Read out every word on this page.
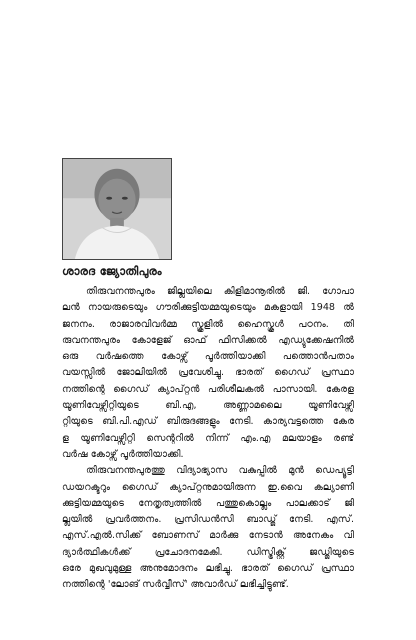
ശാരദ ജ്യോതിപുരം
തിരുവനന്തപുരം ജില്ലയിലെ കിളിമാനൂരിൽ ജി. ഗോപാ
ലൻ നായരുടെയും ഗൗരിക്കുട്ടിയമ്മയുടെയും മകളായി 1948 ൽ
ജനനം. രാജാരവിവർമ്മ സ്കൂളിൽ ഹൈസ്കൂൾ പഠനം. തി
രുവനന്തപുരം കോളേജ് ഓഫ് ഫിസിക്കൽ എഡ്യുക്കേഷനിൽ
ഒരു വർഷത്തെ കോഴ്സ് പൂർത്തിയാക്കി പത്തൊൻപതാം
വയസ്സിൽ ജോലിയിൽ പ്രവേശിച്ചു. ഭാരത് ഗൈഡ് പ്രസ്ഥാ
നത്തിന്റെ ഗൈഡ് ക്യാപ്റ്റൻ പരിശീലകൽ പാസായി. കേരള
യൂണിവേഴ്സിറ്റിയുടെ ബി.എ, അണ്ണാമലൈ യൂണിവേഴ്സി
റ്റിയുടെ ബി.പി.എഡ് ബിരുദങ്ങളും നേടി. കാര്യവട്ടത്തെ കേര
ള യൂണിവേഴ്സിറ്റി സെന്ററിൽ നിന്ന് എം.എ മലയാളം രണ്ട്
വർഷ കോഴ്സ് പൂർത്തിയാക്കി.
തിരുവനന്തപുരത്തു വിദ്യാഭ്യാസ വകുപ്പിൽ മുൻ ഡെപ്യൂട്ടി
ഡയറക്ടറും ഗൈഡ് ക്യാപ്റ്റനുമായിരുന്ന ഇ.വൈ കല്യാണി
ക്കുട്ടിയമ്മയുടെ നേതൃത്വത്തിൽ പത്തുകൊല്ലം പാലക്കാട് ജി
ല്ലയിൽ പ്രവർത്തനം. പ്രസിഡൻസി ബാഡ്ജ് നേടി. എസ്.
എസ്.എൽ.സിക്ക് ബോണസ് മാർക്കു നേടാൻ അനേകം വി
ദ്യാർത്ഥികൾക്ക് പ്രചോദനമേകി. ഡിസ്ട്രിക്റ്റ് ജഡ്ജിയുടെ
ഒരേ മുഖവുമുള്ള അനുമോദനം ലഭിച്ചു. ഭാരത് ഗൈഡ് പ്രസ്ഥാ
നത്തിന്റെ 'ലോങ് സർവ്വീസ്' അവാർഡ് ലഭിച്ചിട്ടുണ്ട്.
